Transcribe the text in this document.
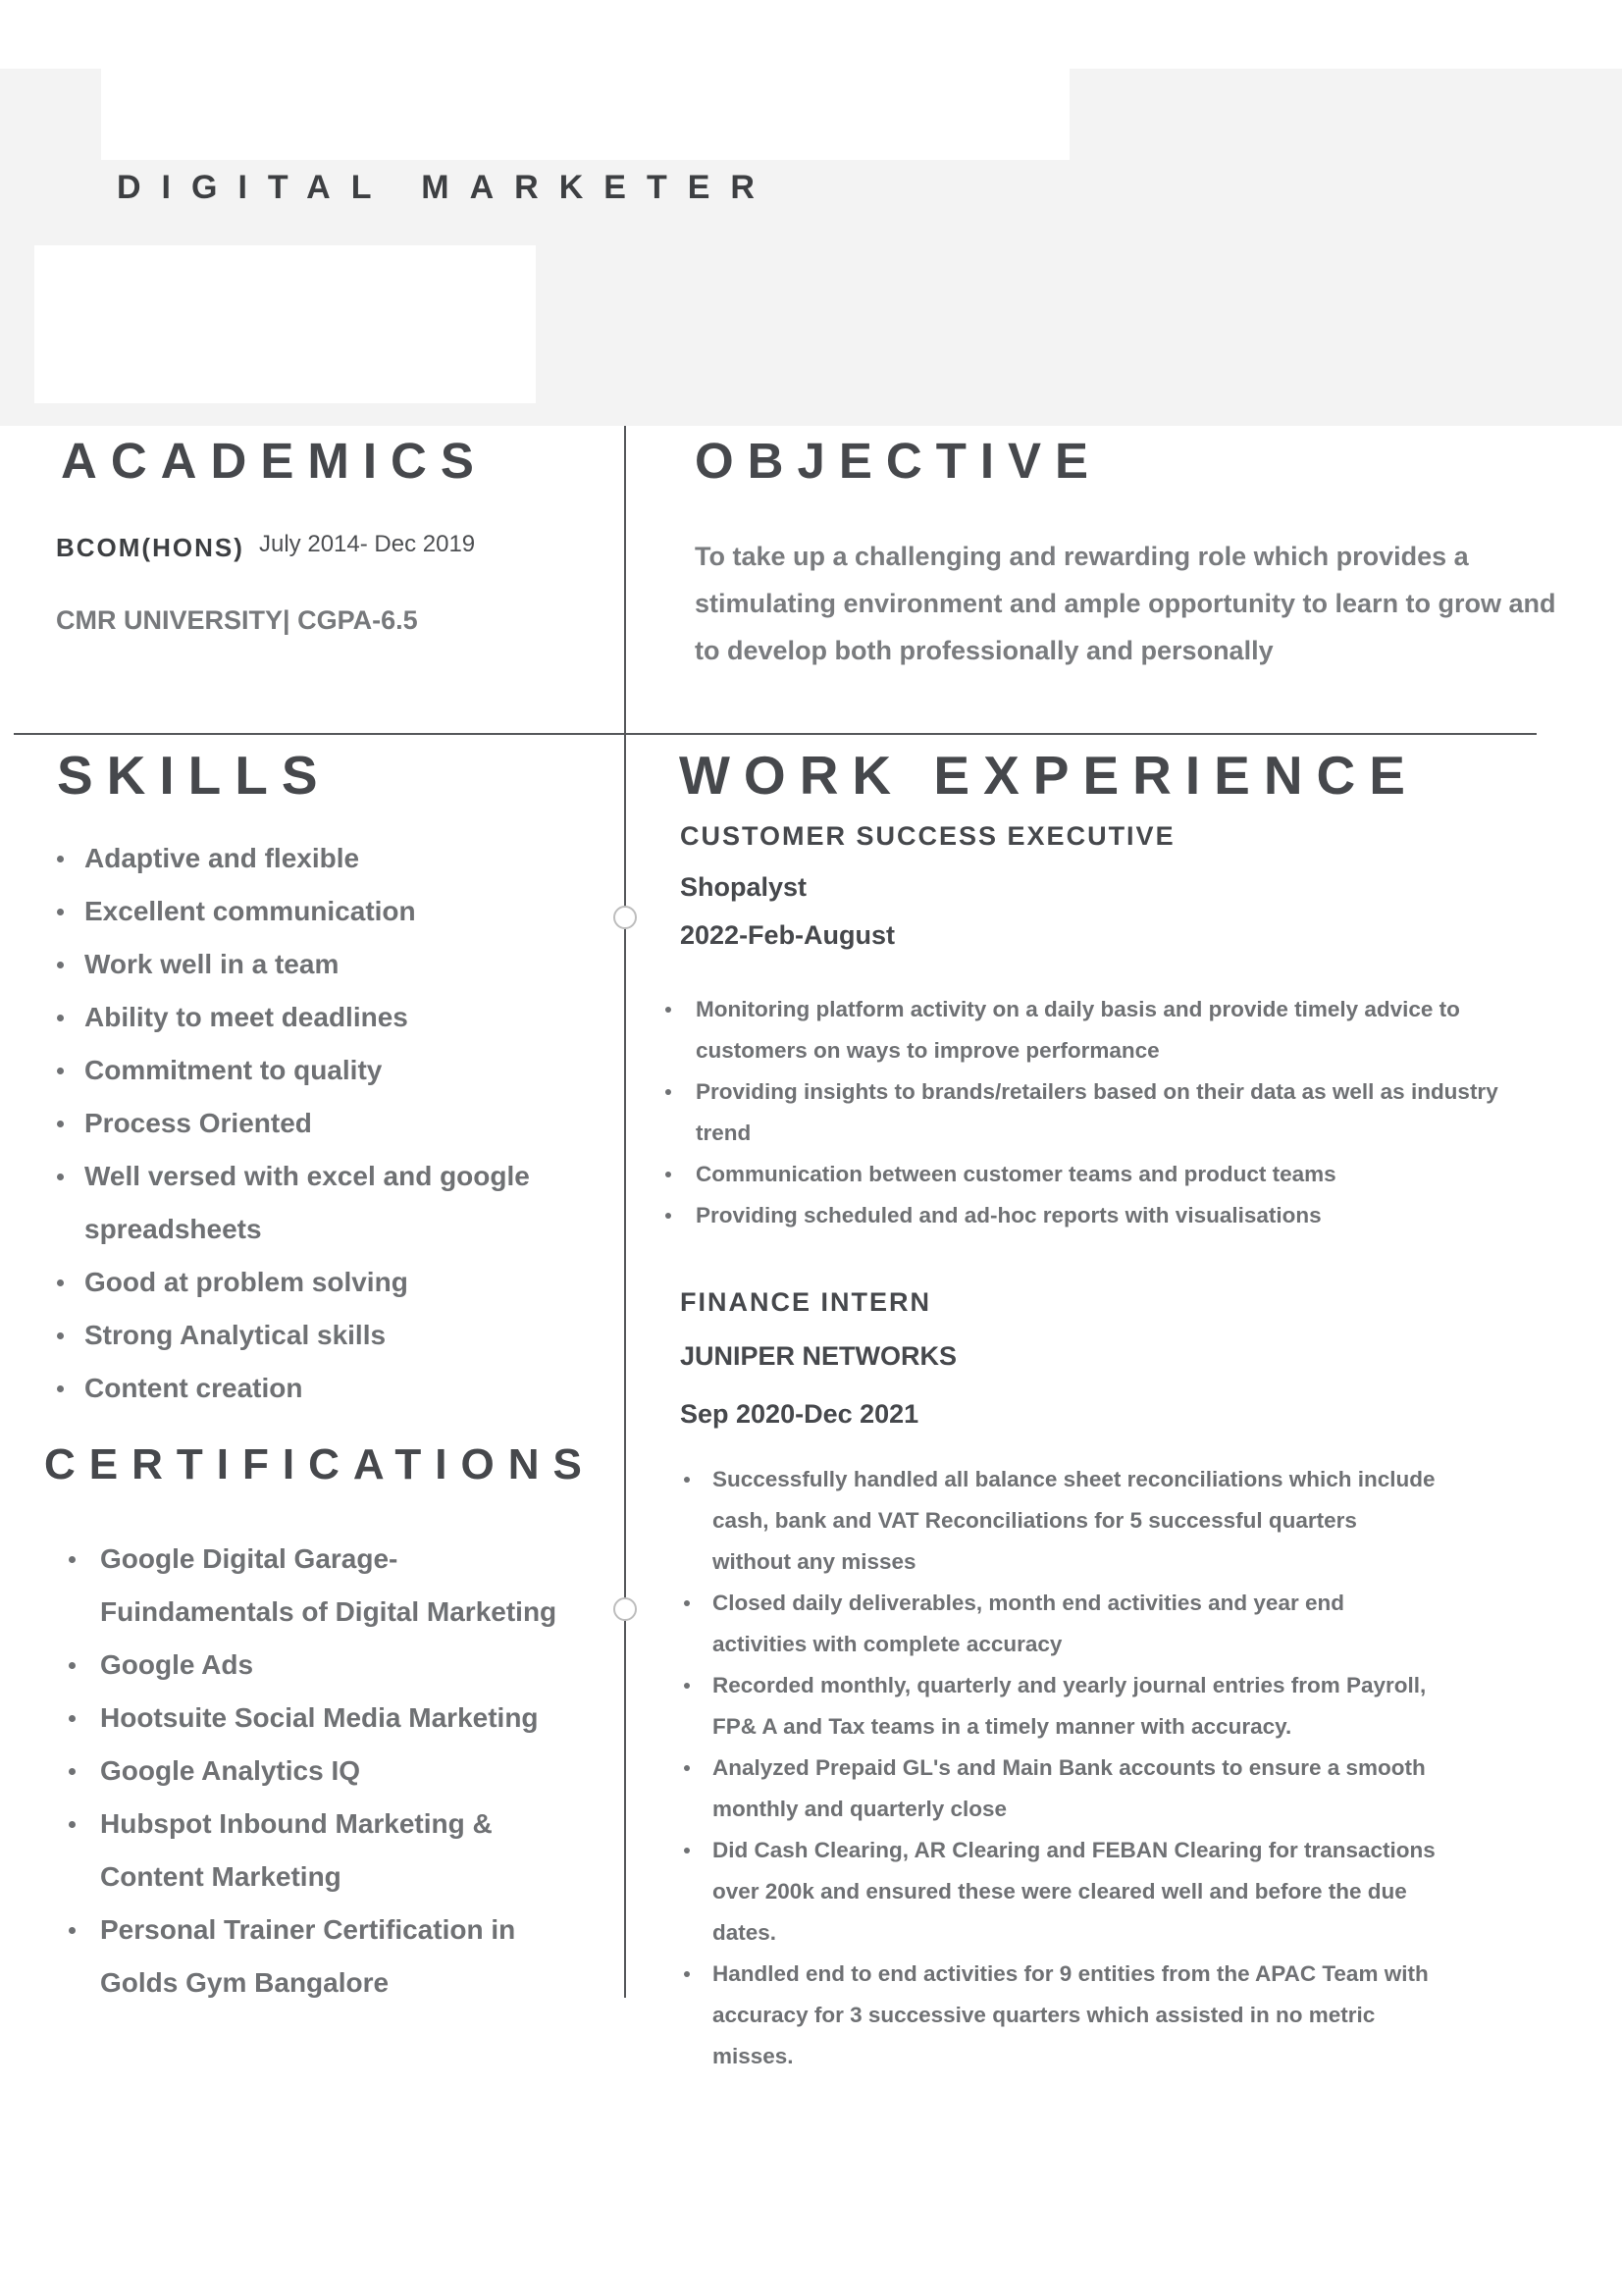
DIGITAL MARKETER
ACADEMICS
BCOM(HONS) July 2014- Dec 2019
CMR UNIVERSITY| CGPA-6.5
OBJECTIVE

To take up a challenging and rewarding role which provides a stimulating environment and ample opportunity to learn to grow and to develop both professionally and personally

SKILLS
Adaptive and flexible
Excellent communication
Work well in a team
Ability to meet deadlines
Commitment to quality
Process Oriented
Well versed with excel and google spreadsheets
Good at problem solving
Strong Analytical skills
Content creation
CERTIFICATIONS
Google Digital Garage- Fuindamentals of Digital Marketing
Google Ads
Hootsuite Social Media Marketing
Google Analytics IQ
Hubspot Inbound Marketing & Content Marketing
Personal Trainer Certification in Golds Gym Bangalore
WORK EXPERIENCE
CUSTOMER SUCCESS EXECUTIVE
Shopalyst
2022-Feb-August
Monitoring platform activity on a daily basis and provide timely advice to customers on ways to improve performance
Providing insights to brands/retailers based on their data as well as industry trend
Communication between customer teams and product teams
Providing scheduled and ad-hoc reports with visualisations
FINANCE INTERN
JUNIPER NETWORKS
Sep 2020-Dec 2021
Successfully handled all balance sheet reconciliations which include cash, bank and VAT Reconciliations for 5 successful quarters without any misses
Closed daily deliverables, month end activities and year end activities with complete accuracy
Recorded monthly, quarterly and yearly journal entries from Payroll, FP& A and Tax teams in a timely manner with accuracy.
Analyzed Prepaid GL's and Main Bank accounts to ensure a smooth monthly and quarterly close
Did Cash Clearing, AR Clearing and FEBAN Clearing for transactions over 200k and ensured these were cleared well and before the due dates.
Handled end to end activities for 9 entities from the APAC Team with accuracy for 3 successive quarters which assisted in no metric misses.
